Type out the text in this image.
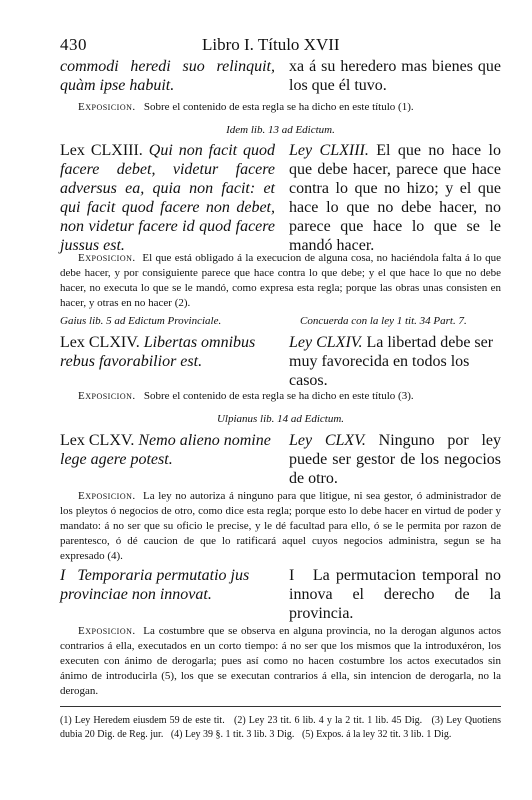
430	Libro I. Título XVII
commodi heredi suo relinquit, quàm ipse habuit.
xa á su heredero mas bienes que los que él tuvo.
Exposicion. Sobre el contenido de esta regla se ha dicho en este título (1).
Idem lib. 13 ad Edictum.
Lex CLXIII. Qui non facit quod facere debet, videtur facere adversus ea, quia non facit: et qui facit quod facere non debet, non videtur facere id quod facere jussus est.
Ley CLXIII. El que no hace lo que debe hacer, parece que hace contra lo que no hizo; y el que hace lo que no debe hacer, no parece que hace lo que se le mandó hacer.
Exposicion. El que está obligado á la execucion de alguna cosa, no haciéndola falta á lo que debe hacer, y por consiguiente parece que hace contra lo que debe; y el que hace lo que no debe hacer, no executa lo que se le mandó, como expresa esta regla; porque las obras unas consisten en hacer, y otras en no hacer (2).
Gaius lib. 5 ad Edictum Provinciale.	Concuerda con la ley 1 tit. 34 Part. 7.
Lex CLXIV. Libertas omnibus rebus favorabilior est.
Ley CLXIV. La libertad debe ser muy favorecida en todos los casos.
Exposicion. Sobre el contenido de esta regla se ha dicho en este título (3).
Ulpianus lib. 14 ad Edictum.
Lex CLXV. Nemo alieno nomine lege agere potest.
Ley CLXV. Ninguno por ley puede ser gestor de los negocios de otro.
Exposicion. La ley no autoriza á ninguno para que litigue, ni sea gestor, ó administrador de los pleytos ó negocios de otro, como dice esta regla; porque esto lo debe hacer en virtud de poder y mandato: á no ser que su oficio le precise, y le dé facultad para ello, ó se le permita por razon de parentesco, ó dé caucion de que lo ratificará aquel cuyos negocios administra, segun se ha expresado (4).
I Temporaria permutatio jus provinciae non innovat.
I La permutacion temporal no innova el derecho de la provincia.
Exposicion. La costumbre que se observa en alguna provincia, no la derogan algunos actos contrarios á ella, executados en un corto tiempo: á no ser que los mismos que la introduxéron, los executen con ánimo de derogarla; pues así como no hacen costumbre los actos executados sin ánimo de introducirla (5), los que se executan contrarios á ella, sin intencion de derogarla, no la derogan.
(1) Ley Heredem eiusdem 59 de este tit. (2) Ley 23 tit. 6 lib. 4 y la 2 tit. 1 lib. 45 Dig. (3) Ley Quotiens dubia 20 Dig. de Reg. jur. (4) Ley 39 §. 1 tit. 3 lib. 3 Dig. (5) Expos. á la ley 32 tit. 3 lib. 1 Dig.
